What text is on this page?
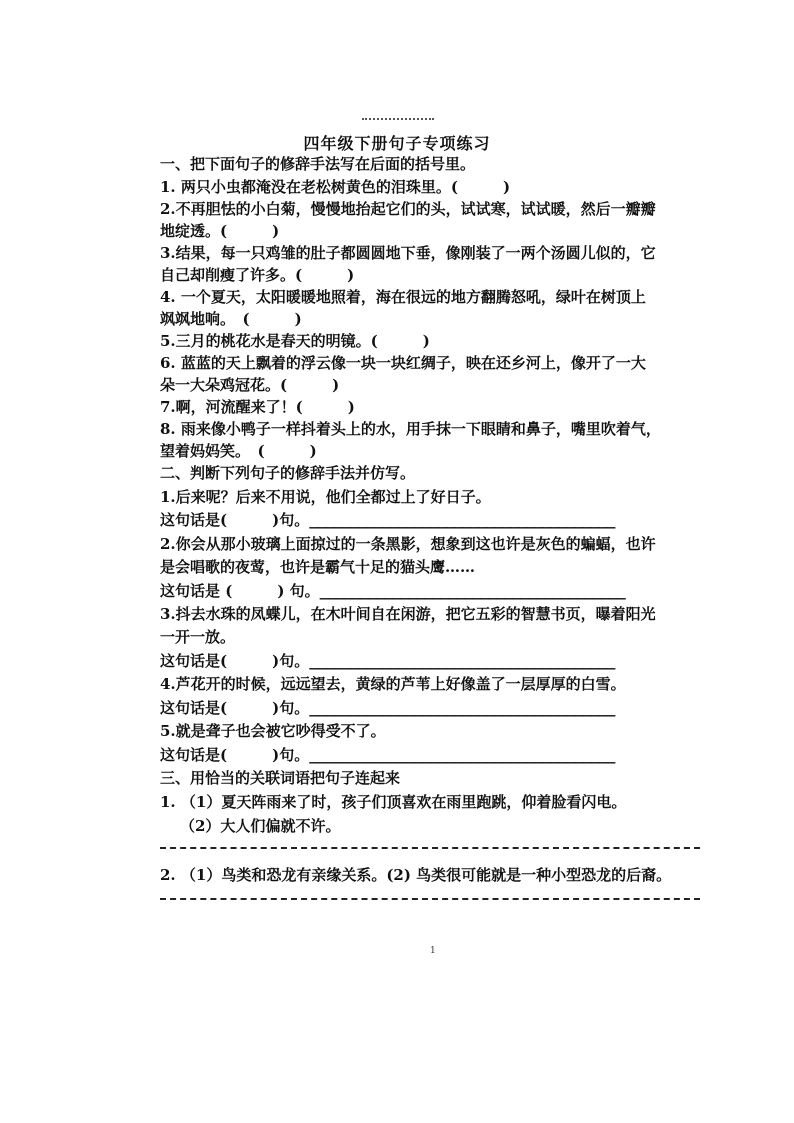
四年级下册句子专项练习
一、把下面句子的修辞手法写在后面的括号里。
1. 两只小虫都淹没在老松树黄色的泪珠里。(　　　)
2.不再胆怯的小白菊，慢慢地抬起它们的头，试试寒，试试暖，然后一瓣瓣
地绽透。(　　　)
3.结果，每一只鸡雏的肚子都圆圆地下垂，像刚装了一两个汤圆儿似的，它
自己却削瘦了许多。(　　　)
4. 一个夏天，太阳暖暖地照着，海在很远的地方翻腾怒吼，绿叶在树顶上
飒飒地响。　(　　　)
5.三月的桃花水是春天的明镜。(　　　)
6. 蓝蓝的天上飘着的浮云像一块一块红绸子，映在还乡河上，像开了一大
朵一大朵鸡冠花。(　　　)
7.啊，河流醒来了！(　　　)
8. 雨来像小鸭子一样抖着头上的水，用手抹一下眼睛和鼻子，嘴里吹着气，
望着妈妈笑。　(　　　)
二、判断下列句子的修辞手法并仿写。
1.后来呢？后来不用说，他们全都过上了好日子。
这句话是(　　　)句。______________________________________
2.你会从那小玻璃上面掠过的一条黑影，想象到这也许是灰色的蝙蝠，也许
是会唱歌的夜莺，也许是霸气十足的猫头鹰……
这句话是 (　　　) 句。______________________________________
3.抖去水珠的凤蝶儿，在木叶间自在闲游，把它五彩的智慧书页，曝着阳光
一开一放。
这句话是(　　　)句。______________________________________
4.芦花开的时候，远远望去，黄绿的芦苇上好像盖了一层厚厚的白雪。
这句话是(　　　)句。______________________________________
5.就是聋子也会被它吵得受不了。
这句话是(　　　)句。______________________________________
三、用恰当的关联词语把句子连起来
1. （1）夏天阵雨来了时，孩子们顶喜欢在雨里跑跳，仰着脸看闪电。
（2）大人们偏就不许。
2. （1）鸟类和恐龙有亲缘关系。(2) 鸟类很可能就是一种小型恐龙的后裔。
1
